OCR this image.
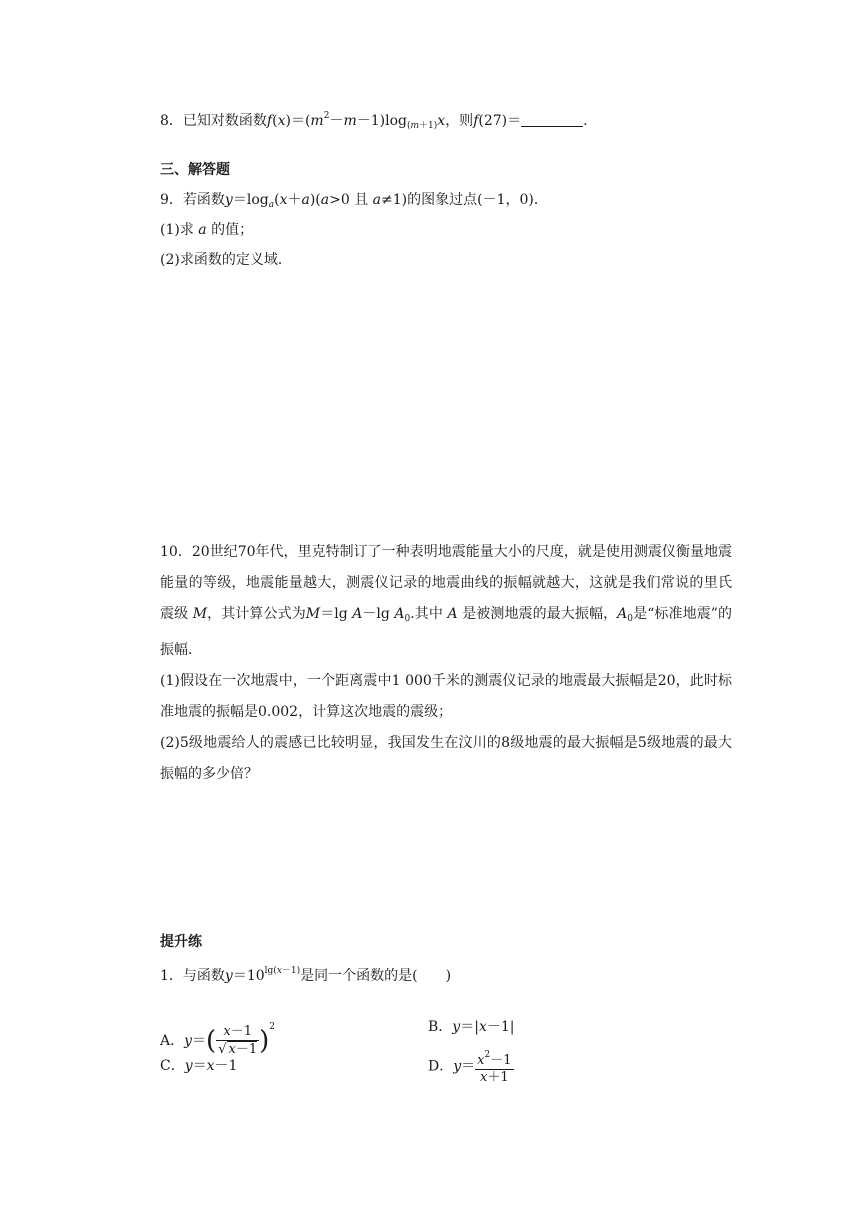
8．已知对数函数$f(x)=(m^2-m-1)\log_{(m+1)}x$，则f(27)＝	.
三、解答题
9．若函数$y=\log_a(x+a)(a>0$ 且 a≠1)的图象过点(－1，0)．
(1)求 a 的值；
(2)求函数的定义域．

10．20世纪70年代，里克特制订了一种表明地震能量大小的尺度，就是使用测震仪衡量地震能量的等级，地震能量越大，测震仪记录的地震曲线的振幅就越大，这就是我们常说的里氏震级 M，其计算公式为M＝lg A－lg $A_0$.其中 A 是被测地震的最大振幅，$A_0$是“标准地震”的振幅．

(1)假设在一次地震中，一个距离震中1 000千米的测震仪记录的地震最大振幅是20，此时标准地震的振幅是0.002，计算这次地震的震级；

(2)5级地震给人的震感已比较明显，我国发生在汶川的8级地震的最大振幅是5级地震的最大振幅的多少倍？

提升练
1．与函数$y=10^{lg(x-1)}$是同一个函数的是(　　)
A．$y=( \frac{x-1}{√ x-1} )^2$	B．y＝|x－1|
C．y＝x－1	D．$y= \frac{x^2-1}{x+1}$
